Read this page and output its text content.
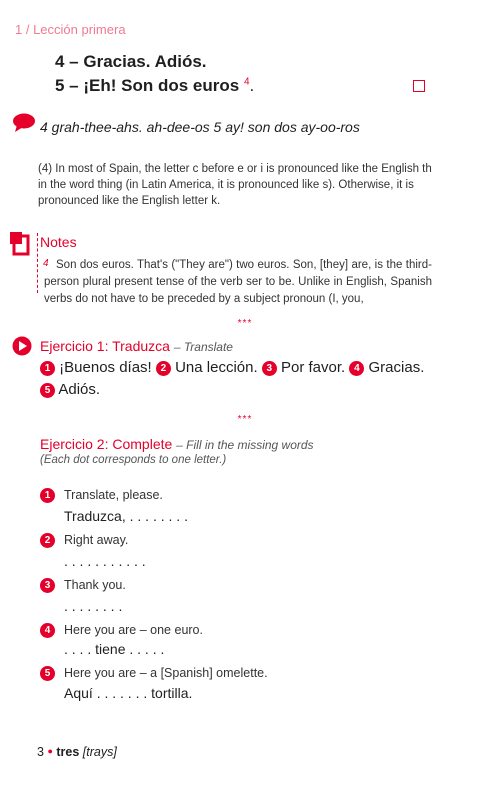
1 / Lección primera
4 – Gracias. Adiós.
5 – ¡Eh! Son dos euros $^4$.
4 grah-thee-ahs. ah-dee-os 5 ay! son dos ay-oo-ros
(4) In most of Spain, the letter c before e or i is pronounced like the English th in the word thing (in Latin America, it is pronounced like s). Otherwise, it is pronounced like the English letter k.
Notes
4 Son dos euros. That's ("They are") two euros. Son, [they] are, is the third-person plural present tense of the verb ser to be. Unlike in English, Spanish verbs do not have to be preceded by a subject pronoun (I, you,
***
Ejercicio 1: Traduzca – Translate
1 ¡Buenos días! 2 Una lección. 3 Por favor. 4 Gracias.
5 Adiós.
***
Ejercicio 2: Complete – Fill in the missing words
(Each dot corresponds to one letter.)
1	Translate, please.
Traduzca, . . . . . . . .
2	Right away.
. . . . . . . . . . .
3	Thank you.
. . . . . . . .
4	Here you are – one euro.
. . . . tiene . . . . .
5	Here you are – a [Spanish] omelette.
Aquí . . . . . . . tortilla.
3 ● tres [trays]
